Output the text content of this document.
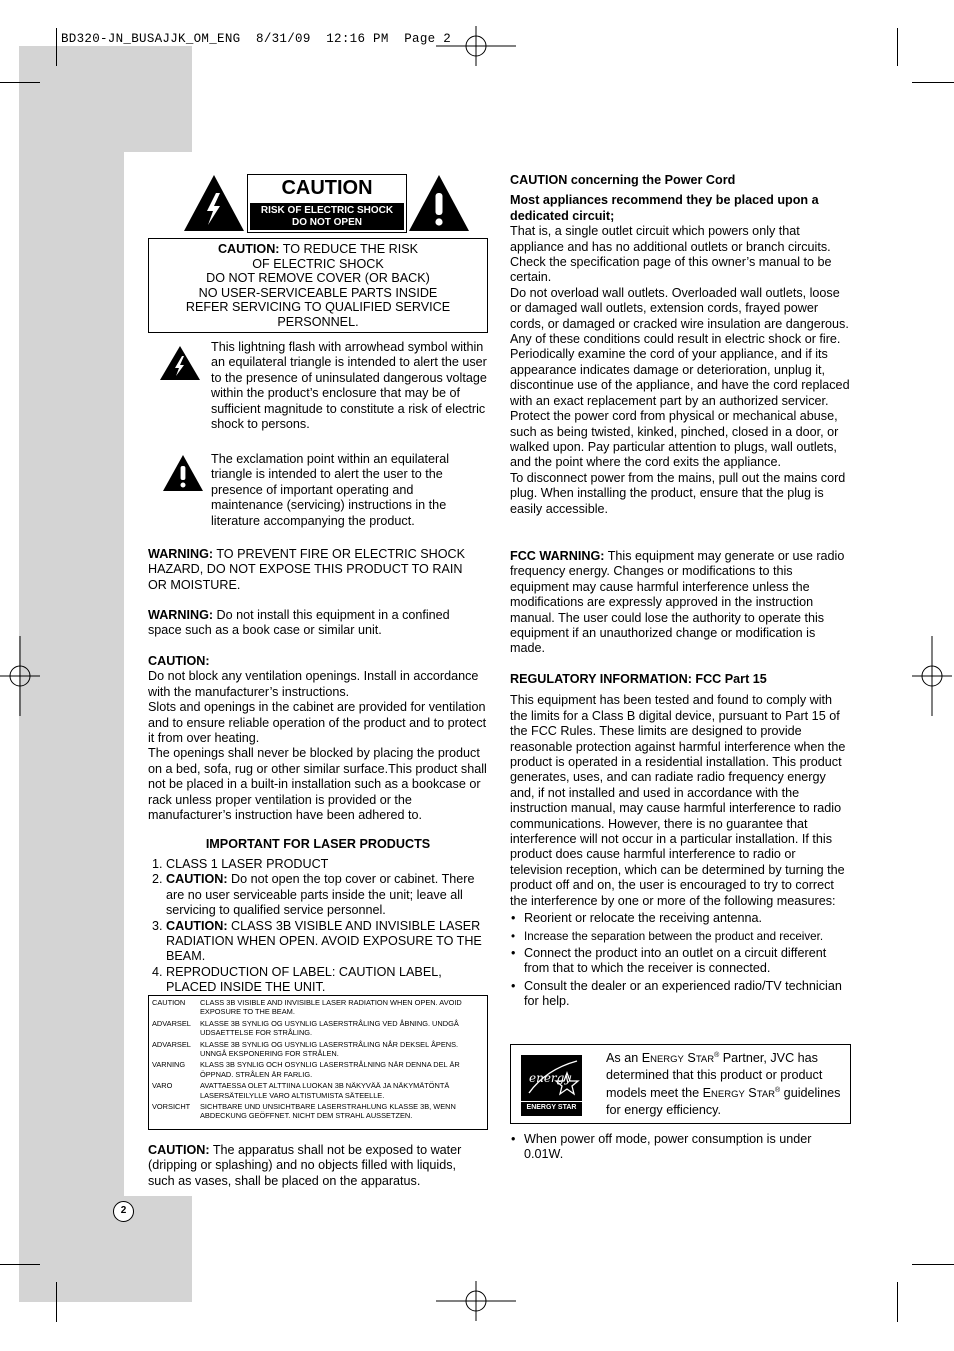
BD320-JN_BUSAJJK_OM_ENG  8/31/09  12:16 PM  Page 2
2
CAUTION
RISK OF ELECTRIC SHOCK
DO NOT OPEN
CAUTION: TO REDUCE THE RISK
OF ELECTRIC SHOCK
DO NOT REMOVE COVER (OR BACK)
NO USER-SERVICEABLE PARTS INSIDE
REFER SERVICING TO QUALIFIED SERVICE
PERSONNEL.
This lightning flash with arrowhead symbol within an equilateral triangle is intended to alert the user to the presence of uninsulated dangerous voltage within the product’s enclosure that may be of sufficient magnitude to constitute a risk of electric shock to persons.
The exclamation point within an equilateral triangle is intended to alert the user to the presence of important operating and maintenance (servicing) instructions in the literature accompanying the product.
WARNING: TO PREVENT FIRE OR ELECTRIC SHOCK HAZARD, DO NOT EXPOSE THIS PRODUCT TO RAIN OR MOISTURE.
WARNING: Do not install this equipment in a confined space such as a book case or similar unit.

CAUTION:

Do not block any ventilation openings. Install in accordance with the manufacturer’s instructions.

Slots and openings in the cabinet are provided for ventilation and to ensure reliable operation of the product and to protect it from over heating.

The openings shall never be blocked by placing the product on a bed, sofa, rug or other similar surface.This product shall not be placed in a built-in installation such as a bookcase or rack unless proper ventilation is provided or the manufacturer’s instruction have been adhered to.

IMPORTANT FOR LASER PRODUCTS
1. CLASS 1 LASER PRODUCT
2. CAUTION: Do not open the top cover or cabinet. There are no user serviceable parts inside the unit; leave all servicing to qualified service personnel.
3. CAUTION: CLASS 3B VISIBLE AND INVISIBLE LASER RADIATION WHEN OPEN. AVOID EXPOSURE TO THE BEAM.
4. REPRODUCTION OF LABEL: CAUTION LABEL, PLACED INSIDE THE UNIT.
CAUTION	CLASS 3B VISIBLE AND INVISIBLE LASER RADIATION WHEN OPEN. AVOID EXPOSURE TO THE BEAM.
ADVARSEL	KLASSE 3B SYNLIG OG USYNLIG LASERSTRÅLING VED ÅBNING. UNDGÅ UDSAETTELSE FOR STRÅLING.
ADVARSEL	KLASSE 3B SYNLIG OG USYNLIG LASERSTRÅLING NÅR DEKSEL ÅPENS. UNNGÅ EKSPONERING FOR STRÅLEN.
VARNING	KLASS 3B SYNLIG OCH OSYNLIG LASERSTRÅLNING NÄR DENNA DEL ÄR ÖPPNAD. STRÅLEN ÄR FARLIG.
VARO	AVATTAESSA OLET ALTTIINA LUOKAN 3B NÄKYVÄÄ JA NÄKYMÄTÖNTÄ LASERSÄTEILYLLE VARO ALTISTUMISTA SÄTEELLE.
VORSICHT	SICHTBARE UND UNSICHTBARE LASERSTRAHLUNG KLASSE 3B, WENN ABDECKUNG GEÖFFNET. NICHT DEM STRAHL AUSSETZEN.
CAUTION: The apparatus shall not be exposed to water (dripping or splashing) and no objects filled with liquids, such as vases, shall be placed on the apparatus.

CAUTION concerning the Power Cord

Most appliances recommend they be placed upon a dedicated circuit;

That is, a single outlet circuit which powers only that appliance and has no additional outlets or branch circuits. Check the specification page of this owner’s manual to be certain.

Do not overload wall outlets. Overloaded wall outlets, loose or damaged wall outlets, extension cords, frayed power cords, or damaged or cracked wire insulation are dangerous. Any of these conditions could result in electric shock or fire. Periodically examine the cord of your appliance, and if its appearance indicates damage or deterioration, unplug it, discontinue use of the appliance, and have the cord replaced with an exact replacement part by an authorized servicer.

Protect the power cord from physical or mechanical abuse, such as being twisted, kinked, pinched, closed in a door, or walked upon. Pay particular attention to plugs, wall outlets, and the point where the cord exits the appliance.

To disconnect power from the mains, pull out the mains cord plug. When installing the product, ensure that the plug is easily accessible.

FCC WARNING: This equipment may generate or use radio frequency energy. Changes or modifications to this equipment may cause harmful interference unless the modifications are expressly approved in the instruction manual. The user could lose the authority to operate this equipment if an unauthorized change or modification is made.

REGULATORY INFORMATION: FCC Part 15

This equipment has been tested and found to comply with the limits for a Class B digital device, pursuant to Part 15 of the FCC Rules. These limits are designed to provide reasonable protection against harmful interference when the product is operated in a residential installation. This product generates, uses, and can radiate radio frequency energy and, if not installed and used in accordance with the instruction manual, may cause harmful interference to radio communications. However, there is no guarantee that interference will not occur in a particular installation. If this product does cause harmful interference to radio or television reception, which can be determined by turning the product off and on, the user is encouraged to try to correct the interference by one or more of the following measures:

• Reorient or relocate the receiving antenna.
• Increase the separation between the product and receiver.
• Connect the product into an outlet on a circuit different from that to which the receiver is connected.
• Consult the dealer or an experienced radio/TV technician for help.
energy
ENERGY STAR
As an ENERGY STAR® Partner, JVC has determined that this product or product models meet the ENERGY STAR® guidelines for energy efficiency.
• When power off mode, power consumption is under 0.01W.
